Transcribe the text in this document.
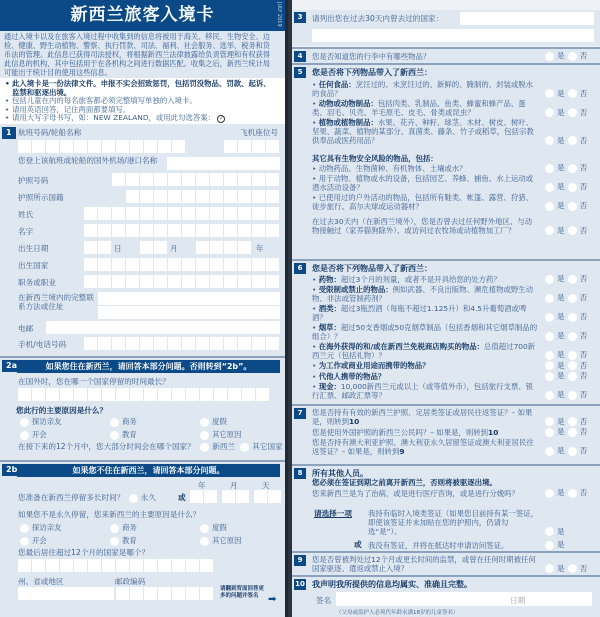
新西兰旅客入境卡	JULY 2019
通过入境卡以及在旅客入境过程中收集到的信息将被用于海关、移民、生物安全、边检、健康、野生动植物、警察、执行罚款、司法、福利、社会服务、选举、税务和货币法的管理。此信息已获得司法授权，将根据新西兰法律披露给负责管理和有权获得此信息的机构，其中包括用于在各机构之间进行数据匹配。收集之后，新西兰统计局可能出于统计目的使用这些信息。
• 此入境卡是一份法律文件。申报不实会招致惩罚，包括罚没物品、罚款、起诉、监禁和驱逐出境。
• 包括儿童在内的每名旅客都必须完整填写单独的入境卡。
• 请用英语回答，记住两面都要填写。
• 请用大写字母书写，如：NEW ZEALAND，或用此勾选答案： ✓
1 航班号码/轮船名称	飞机座位号
您登上该航班或轮船的国外机场/港口名称
护照号码
护照所示国籍
姓氏
名字
出生日期	日	月	年
出生国家
职务或职业
在新西兰境内的完整联系方法或住址
电邮
手机/电话号码
2a	如果您住在新西兰，请回答本部分问题。否则转到“2b”。
在国外时，您在哪一个国家停留的时间最长？
您此行的主要原因是什么？
探访亲友	商务	度假
开会	教育	其它原因
在接下来的12个月中，您大部分时间会在哪个国家？ 新西兰 其它国家
2b	如果您不住在新西兰，请回答本部分问题。
年	月	天
您准备在新西兰停留多长时间？ 永久	或
如果您不是永久停留，您来新西兰的主要原因是什么？
探访亲友	商务	度假
开会	教育	其它原因
您最后居住超过12个月的国家是哪个？
州、省或地区	邮政编码
请翻到背面回答更多的问题并签名 ➡
3	请列出您在过去30天内曾去过的国家：
4	您是否知道您的行李中有哪些物品？	是 否
5	您是否将下列物品带入了新西兰：
• 任何食品：烹饪过的、未烹饪过的、新鲜的、腌制的、封装或脱水的食品？	是 否
• 动物或动物制品：包括肉类、乳制品、鱼类、蜂蜜和蜂产品、蛋类、羽毛、贝壳、羊毛原毛、皮毛、骨类或昆虫？	是 否
• 植物或植物制品：水果、花卉、种籽、球茎、木材、树皮、树叶、坚果、蔬菜、植物的某部分、真菌类、藤条、竹子或稻草，包括宗教供奉品或医药用品？	是 否
其它具有生物安全风险的物品，包括：
• 动物药品、生物菌种、有机物体、土壤或水？	是 否
• 用于动物、植物或水的设备，包括园艺、养蜂、捕鱼、水上运动或潜水活动设备？	是 否
• 已使用过的户外活动的物品，包括所有鞋类、帐篷、露营、狩猎、徒步旅行、高尔夫球或运动器材？	是 否
在过去30天内（在新西兰境外），您是否曾去过任何野外地区、与动物接触过（家养猫狗除外）、或访问过农牧场或动植物加工厂？	是 否
6	您是否将下列物品带入了新西兰：
• 药物：超过3个月的剂量，或者不是开具给您的处方药？	是 否
• 受限制或禁止的物品：例如武器、不良出版物、濒危植物或野生动物、非法或管制药剂？	是 否
• 酒类：超过3瓶烈酒（每瓶不超过1.125升）和4.5升葡萄酒或啤酒？	是 否
• 烟草：超过50支香烟或50克烟草制品（包括香烟和其它烟草制品的组合）？	是 否
• 在海外获得的和/或在新西兰免税商店购买的物品：总值超过700新西兰元（包括礼物）？	是 否
• 为工作或商业用途而携带的物品？	是 否
• 代他人携带的物品？	是 否
• 现金：10,000新西兰元或以上（或等值外币），包括旅行支票、银行汇票、邮政汇票等？	是 否
7	您是否持有有效的新西兰护照、定居类签证或居民往返签证？– 如果是，则转到10	是 否
您是使用外国护照的新西兰公民吗？– 如果是，则转到10	是 否
您是否持有澳大利亚护照、澳大利亚永久居留签证或澳大利亚居民往返签证？– 如果是，则转到9	是 否
8	所有其他人员。
您必须在签证到期之前离开新西兰，否则将被驱逐出境。
您来新西兰是为了治病，或是进行医疗咨询，或是进行分娩吗？	是 否
请选择一项 我持有临时入境类签证（如果您目前持有某一签证，即使该签证并未加贴在您的护照内，仍请勾选“是”）。	是
或 我没有签证，并将在抵达时申请访问签证。	是
9	您是否曾被判处过12个月或更长时间的监禁，或曾在任何时期被任何国家驱逐、遣返或禁止入境？	是 否
10 我声明我所提供的信息均属实、准确且完整。
签名	日期
（父母或监护人必须代年龄未满18岁的儿童签名）
